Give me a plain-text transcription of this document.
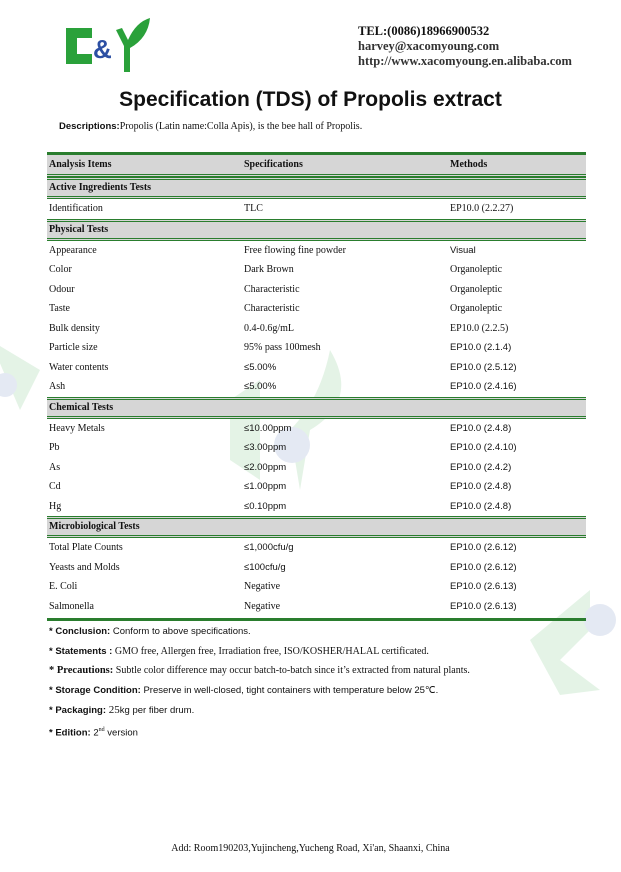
&
TEL:(0086)18966900532
harvey@xacomyoung.com
http://www.xacomyoung.en.alibaba.com
Specification (TDS) of Propolis extract
Descriptions:Propolis (Latin name:Colla Apis), is the bee hall of Propolis.
Analysis Items	Specifications	Methods
Active Ingredients Tests
Identification	TLC	EP10.0 (2.2.27)
Physical Tests
Appearance	Free flowing fine powder	Visual
Color	Dark Brown	Organoleptic
Odour	Characteristic	Organoleptic
Taste	Characteristic	Organoleptic
Bulk density	0.4-0.6g/mL	EP10.0 (2.2.5)
Particle size	95% pass 100mesh	EP10.0 (2.1.4)
Water contents	≤5.00%	EP10.0 (2.5.12)
Ash	≤5.00%	EP10.0 (2.4.16)
Chemical Tests
Heavy Metals	≤10.00ppm	EP10.0 (2.4.8)
Pb	≤3.00ppm	EP10.0 (2.4.10)
As	≤2.00ppm	EP10.0 (2.4.2)
Cd	≤1.00ppm	EP10.0 (2.4.8)
Hg	≤0.10ppm	EP10.0 (2.4.8)
Microbiological Tests
Total Plate Counts	≤1,000cfu/g	EP10.0 (2.6.12)
Yeasts and Molds	≤100cfu/g	EP10.0 (2.6.12)
E. Coli	Negative	EP10.0 (2.6.13)
Salmonella	Negative	EP10.0 (2.6.13)
* Conclusion: Conform to above specifications.
* Statements : GMO free, Allergen free, Irradiation free, ISO/KOSHER/HALAL certificated.
* Precautions: Subtle color difference may occur batch-to-batch since it’s extracted from natural plants.
* Storage Condition: Preserve in well-closed, tight containers with temperature below 25℃.
* Packaging: 25kg per fiber drum.
* Edition: 2nd version
Add: Room190203,Yujincheng,Yucheng Road, Xi'an, Shaanxi, China
